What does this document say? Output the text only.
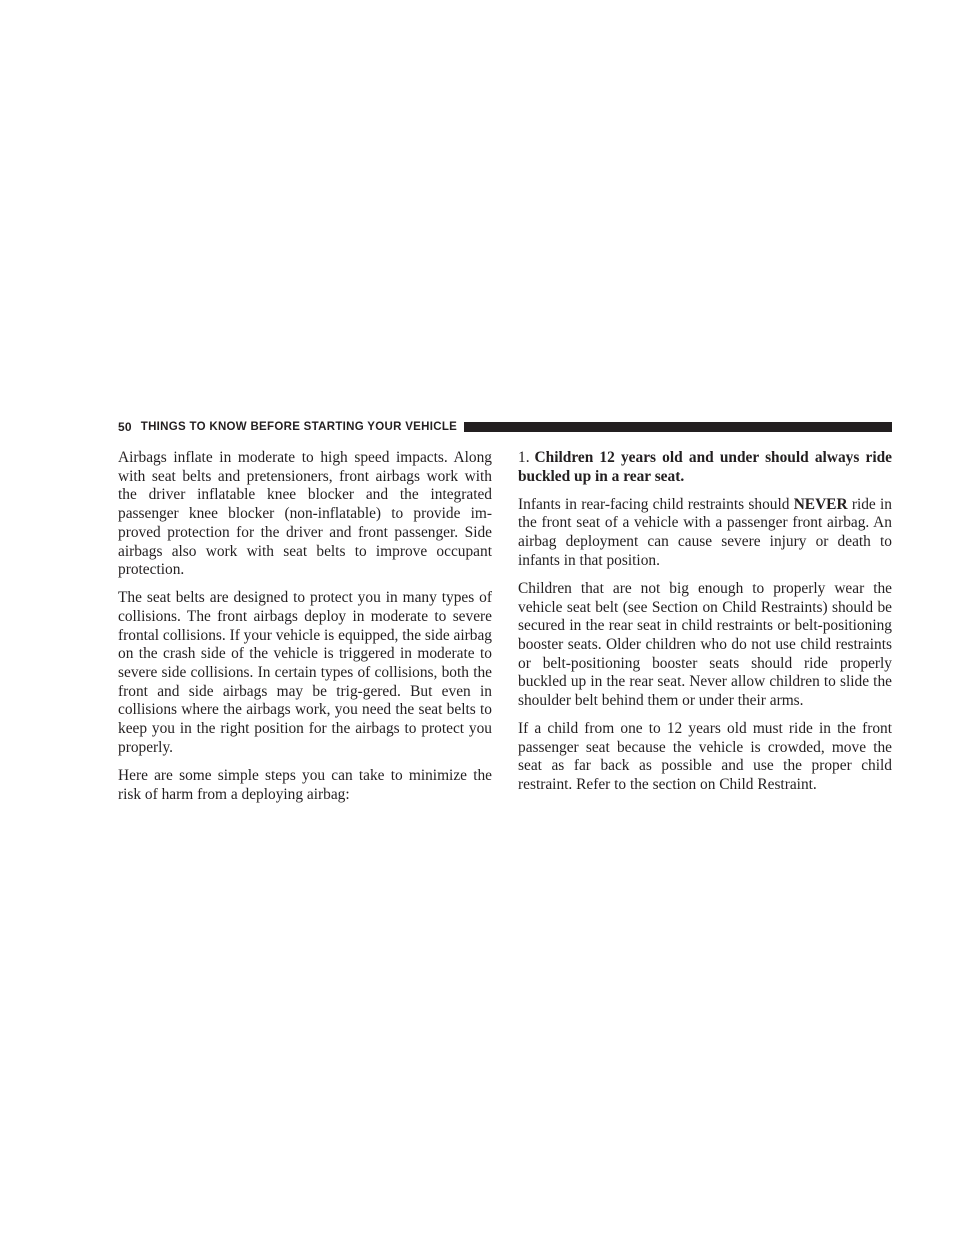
50 THINGS TO KNOW BEFORE STARTING YOUR VEHICLE

Airbags inflate in moderate to high speed impacts. Along with seat belts and pretensioners, front airbags work with the driver inflatable knee blocker and the integrated passenger knee blocker (non-inflatable) to provide im-proved protection for the driver and front passenger. Side airbags also work with seat belts to improve occupant protection.

The seat belts are designed to protect you in many types of collisions. The front airbags deploy in moderate to severe frontal collisions. If your vehicle is equipped, the side airbag on the crash side of the vehicle is triggered in moderate to severe side collisions. In certain types of collisions, both the front and side airbags may be trig-gered. But even in collisions where the airbags work, you need the seat belts to keep you in the right position for the airbags to protect you properly.

Here are some simple steps you can take to minimize the risk of harm from a deploying airbag:

1. Children 12 years old and under should always ride buckled up in a rear seat.

Infants in rear-facing child restraints should NEVER ride in the front seat of a vehicle with a passenger front airbag. An airbag deployment can cause severe injury or death to infants in that position.

Children that are not big enough to properly wear the vehicle seat belt (see Section on Child Restraints) should be secured in the rear seat in child restraints or belt-positioning booster seats. Older children who do not use child restraints or belt-positioning booster seats should ride properly buckled up in the rear seat. Never allow children to slide the shoulder belt behind them or under their arms.

If a child from one to 12 years old must ride in the front passenger seat because the vehicle is crowded, move the seat as far back as possible and use the proper child restraint. Refer to the section on Child Restraint.
